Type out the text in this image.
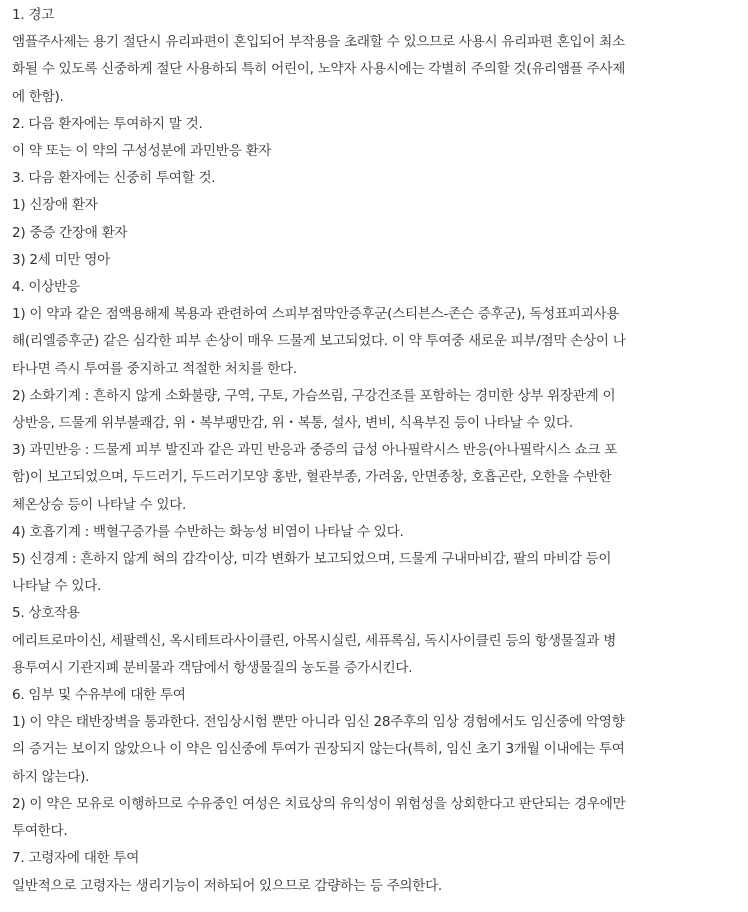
1. 경고

앰플주사제는 용기 절단시 유리파편이 혼입되어 부작용을 초래할 수 있으므로 사용시 유리파편 혼입이 최소

화될 수 있도록 신중하게 절단 사용하되 특히 어린이, 노약자 사용시에는 각별히 주의할 것(유리앰플 주사제

에 한함).

2. 다음 환자에는 투여하지 말 것.

이 약 또는 이 약의 구성성분에 과민반응 환자

3. 다음 환자에는 신중히 투여할 것.

1) 신장애 환자

2) 중증 간장애 환자

3) 2세 미만 영아

4. 이상반응

1) 이 약과 같은 점액용해제 복용과 관련하여 스피부점막안증후군(스티븐스-존슨 증후군), 독성표피괴사용

해(리엘증후군) 같은 심각한 피부 손상이 매우 드물게 보고되었다. 이 약 투여중 새로운 피부/점막 손상이 나

타나면 즉시 투여를 중지하고 적절한 처치를 한다.

2) 소화기계 : 흔하지 않게 소화불량, 구역, 구토, 가슴쓰림, 구강건조를 포함하는 경미한 상부 위장관계 이

상반응, 드물게 위부불쾌감, 위・복부팽만감, 위・복통, 설사, 변비, 식욕부진 등이 나타날 수 있다.

3) 과민반응 : 드물게 피부 발진과 같은 과민 반응과 중증의 급성 아나필락시스 반응(아나필락시스 쇼크 포

함)이 보고되었으며, 두드러기, 두드러기모양 홍반, 혈관부종, 가려움, 안면종창, 호흡곤란, 오한을 수반한

체온상승 등이 나타날 수 있다.

4) 호흡기계 : 백혈구증가를 수반하는 화농성 비염이 나타날 수 있다.

5) 신경계 : 흔하지 않게 혀의 감각이상, 미각 변화가 보고되었으며, 드물게 구내마비감, 팔의 마비감 등이

나타날 수 있다.

5. 상호작용

에리트로마이신, 세팔렉신, 옥시테트라사이클린, 아목시실린, 세퓨록심, 독시사이클린 등의 항생물질과 병

용투여시 기관지폐 분비물과 객담에서 항생물질의 농도를 증가시킨다.

6. 임부 및 수유부에 대한 투여

1) 이 약은 태반장벽을 통과한다. 전임상시험 뿐만 아니라 임신 28주후의 임상 경험에서도 임신중에 악영향

의 증거는 보이지 않았으나 이 약은 임신중에 투여가 권장되지 않는다(특히, 임신 초기 3개월 이내에는 투여

하지 않는다).

2) 이 약은 모유로 이행하므로 수유중인 여성은 치료상의 유익성이 위험성을 상회한다고 판단되는 경우에만

투여한다.

7. 고령자에 대한 투여

일반적으로 고령자는 생리기능이 저하되어 있으므로 감량하는 등 주의한다.
